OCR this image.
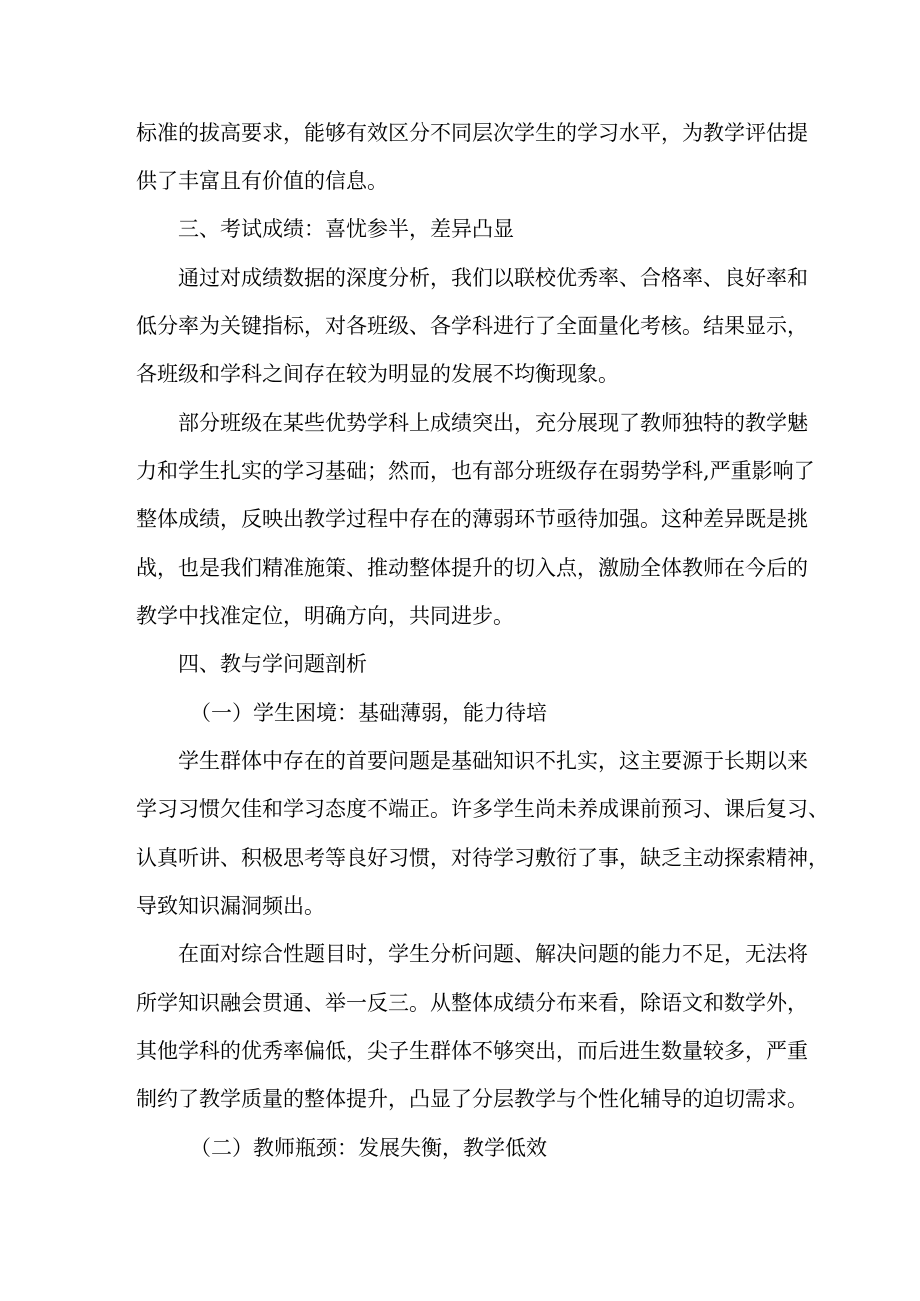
标准的拔高要求，能够有效区分不同层次学生的学习水平，为教学评估提

供了丰富且有价值的信息。

三、考试成绩：喜忧参半，差异凸显

通过对成绩数据的深度分析，我们以联校优秀率、合格率、良好率和

低分率为关键指标，对各班级、各学科进行了全面量化考核。结果显示，

各班级和学科之间存在较为明显的发展不均衡现象。

部分班级在某些优势学科上成绩突出，充分展现了教师独特的教学魅

力和学生扎实的学习基础；然而，也有部分班级存在弱势学科,严重影响了

整体成绩，反映出教学过程中存在的薄弱环节亟待加强。这种差异既是挑

战，也是我们精准施策、推动整体提升的切入点，激励全体教师在今后的

教学中找准定位，明确方向，共同进步。

四、教与学问题剖析

（一）学生困境：基础薄弱，能力待培

学生群体中存在的首要问题是基础知识不扎实，这主要源于长期以来

学习习惯欠佳和学习态度不端正。许多学生尚未养成课前预习、课后复习、

认真听讲、积极思考等良好习惯，对待学习敷衍了事，缺乏主动探索精神，

导致知识漏洞频出。

在面对综合性题目时，学生分析问题、解决问题的能力不足，无法将

所学知识融会贯通、举一反三。从整体成绩分布来看，除语文和数学外，

其他学科的优秀率偏低，尖子生群体不够突出，而后进生数量较多，严重

制约了教学质量的整体提升，凸显了分层教学与个性化辅导的迫切需求。

（二）教师瓶颈：发展失衡，教学低效
